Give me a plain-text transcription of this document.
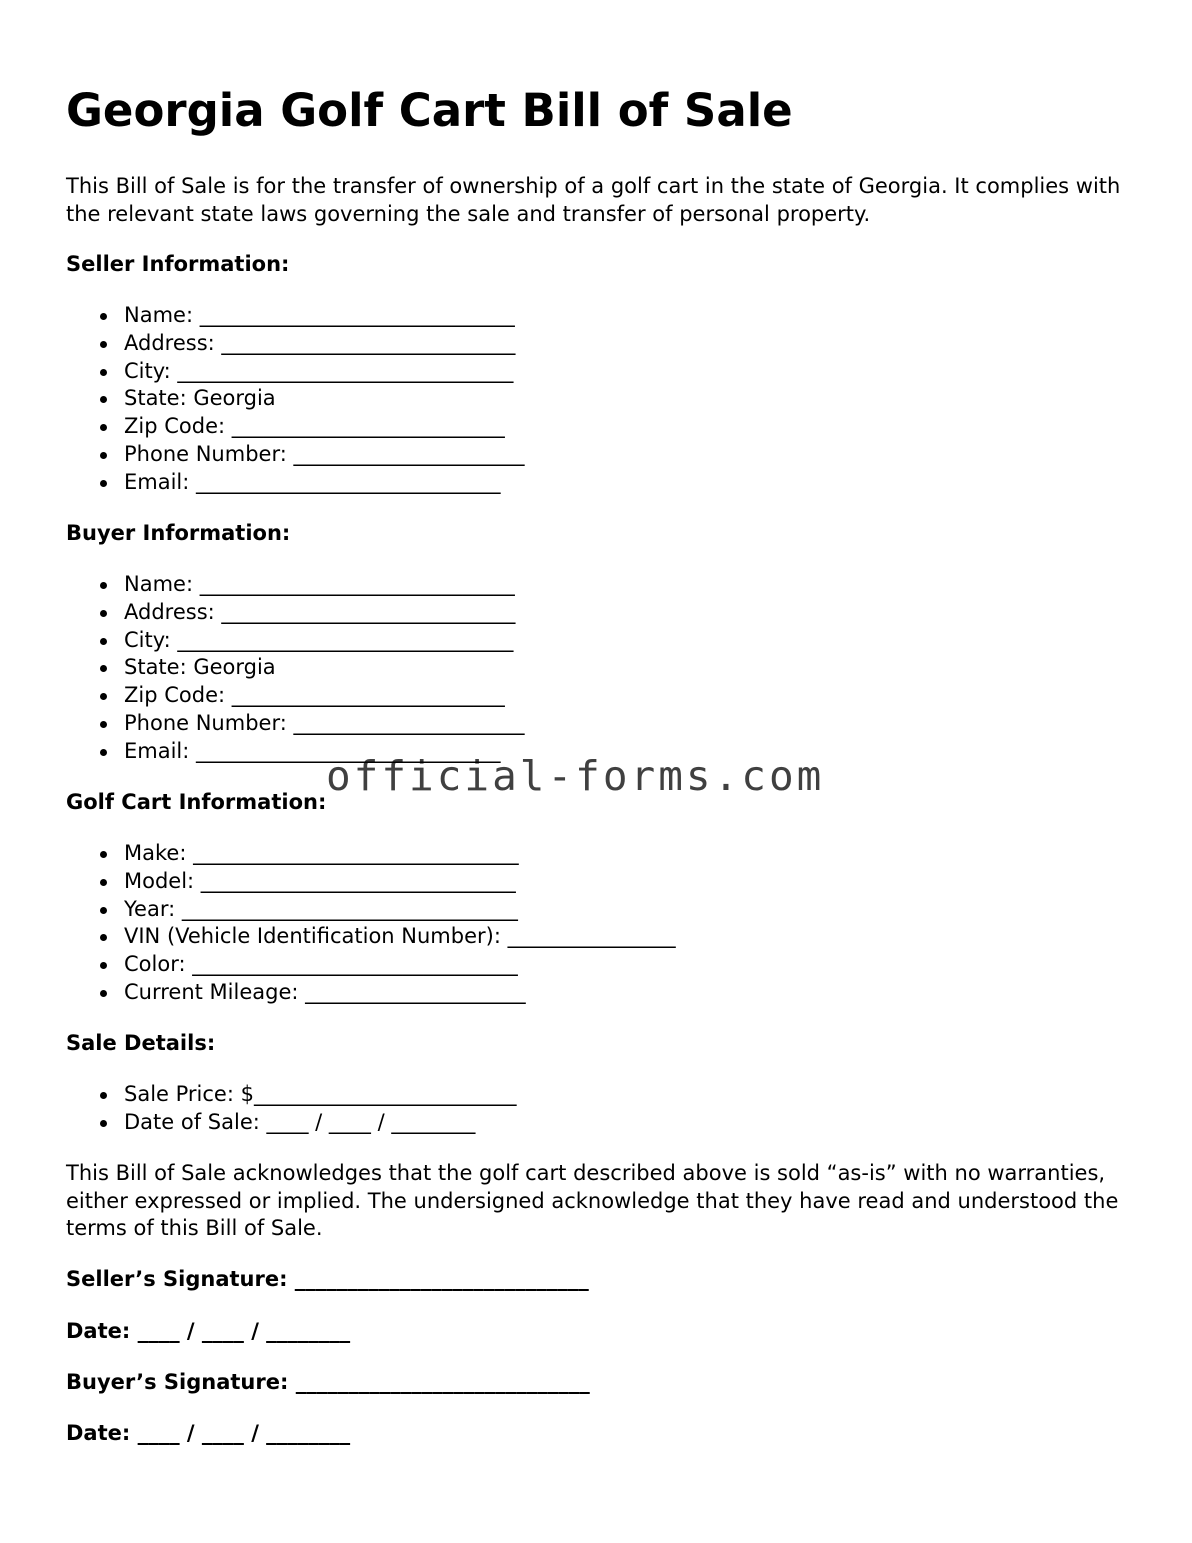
Georgia Golf Cart Bill of Sale

This Bill of Sale is for the transfer of ownership of a golf cart in the state of Georgia. It complies with the relevant state laws governing the sale and transfer of personal property.

Seller Information:

Name: ______________________________
Address: ____________________________
City: ________________________________
State: Georgia
Zip Code: __________________________
Phone Number: ______________________
Email: _____________________________

Buyer Information:

Name: ______________________________
Address: ____________________________
City: ________________________________
State: Georgia
Zip Code: __________________________
Phone Number: ______________________
Email: _____________________________

Golf Cart Information:

Make: _______________________________
Model: ______________________________
Year: ________________________________
VIN (Vehicle Identification Number): ________________
Color: _______________________________
Current Mileage: _____________________

Sale Details:

Sale Price: $_________________________
Date of Sale: ____ / ____ / ________

This Bill of Sale acknowledges that the golf cart described above is sold “as-is” with no warranties, either expressed or implied. The undersigned acknowledge that they have read and understood the terms of this Bill of Sale.

Seller’s Signature: ____________________________

Date: ____ / ____ / ________

Buyer’s Signature: ____________________________

Date: ____ / ____ / ________

official-forms.com
